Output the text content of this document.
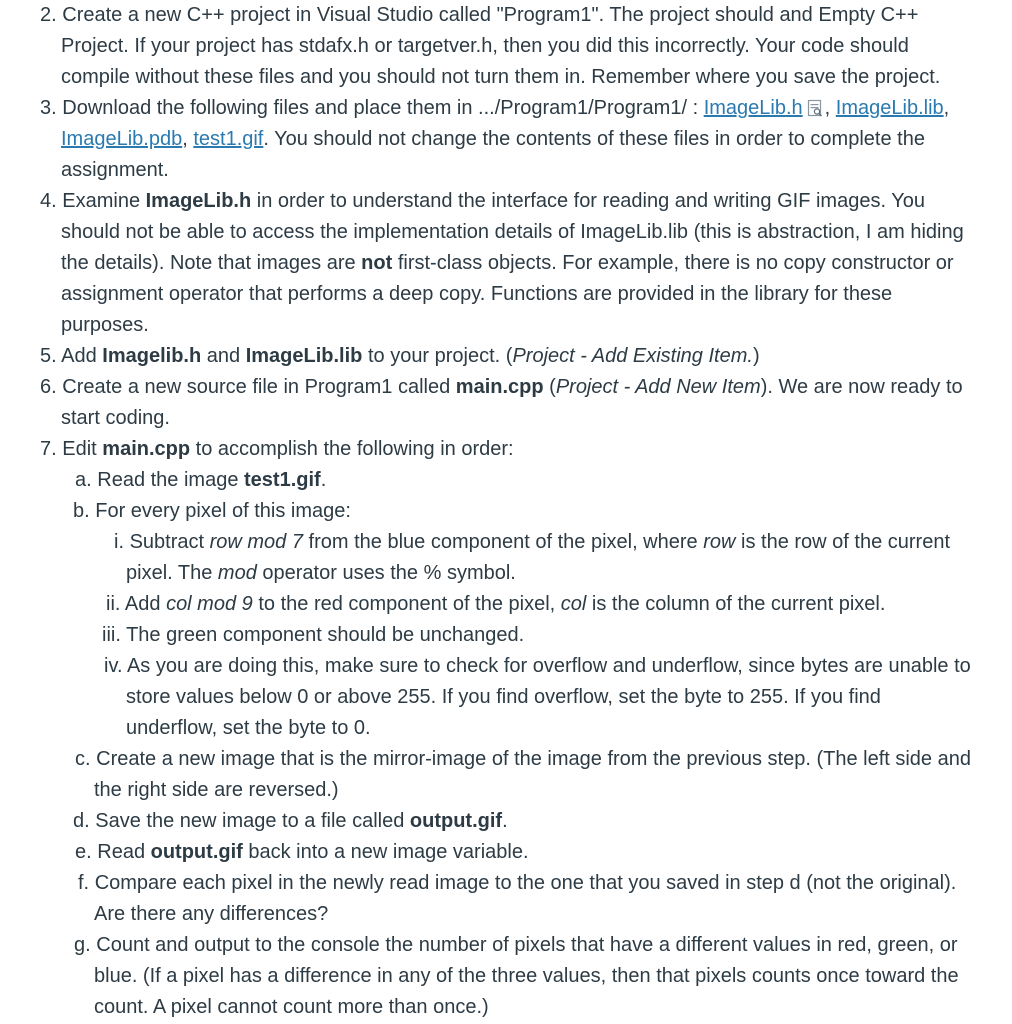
2. Create a new C++ project in Visual Studio called "Program1". The project should and Empty C++
Project. If your project has stdafx.h or targetver.h, then you did this incorrectly. Your code should
compile without these files and you should not turn them in. Remember where you save the project.
3. Download the following files and place them in .../Program1/Program1/ : ImageLib.h , ImageLib.lib,
ImageLib.pdb, test1.gif. You should not change the contents of these files in order to complete the
assignment.
4. Examine ImageLib.h in order to understand the interface for reading and writing GIF images. You
should not be able to access the implementation details of ImageLib.lib (this is abstraction, I am hiding
the details). Note that images are not first-class objects. For example, there is no copy constructor or
assignment operator that performs a deep copy. Functions are provided in the library for these
purposes.
5. Add Imagelib.h and ImageLib.lib to your project. (Project - Add Existing Item.)
6. Create a new source file in Program1 called main.cpp (Project - Add New Item). We are now ready to
start coding.
7. Edit main.cpp to accomplish the following in order:
a. Read the image test1.gif.
b. For every pixel of this image:
i. Subtract row mod 7 from the blue component of the pixel, where row is the row of the current
pixel. The mod operator uses the % symbol.
ii. Add col mod 9 to the red component of the pixel, col is the column of the current pixel.
iii. The green component should be unchanged.
iv. As you are doing this, make sure to check for overflow and underflow, since bytes are unable to
store values below 0 or above 255. If you find overflow, set the byte to 255. If you find
underflow, set the byte to 0.
c. Create a new image that is the mirror-image of the image from the previous step. (The left side and
the right side are reversed.)
d. Save the new image to a file called output.gif.
e. Read output.gif back into a new image variable.
f. Compare each pixel in the newly read image to the one that you saved in step d (not the original).
Are there any differences?
g. Count and output to the console the number of pixels that have a different values in red, green, or
blue. (If a pixel has a difference in any of the three values, then that pixels counts once toward the
count. A pixel cannot count more than once.)
